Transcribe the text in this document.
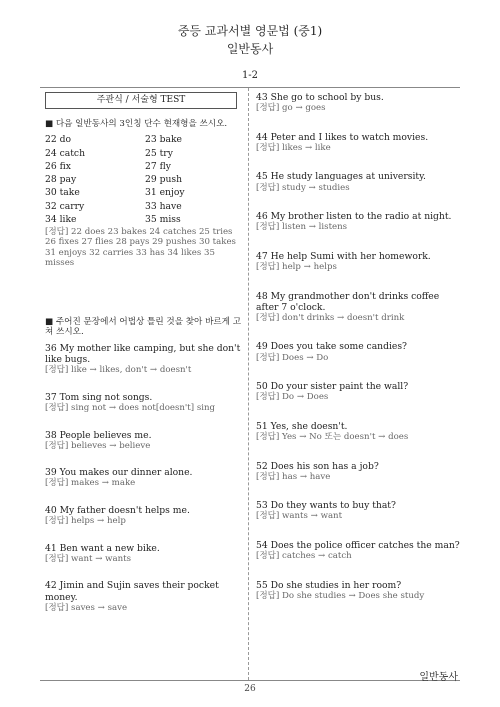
중등 교과서별 영문법 (중1)
일반동사
1-2
주관식 / 서술형 TEST
■ 다음 일반동사의 3인칭 단수 현재형을 쓰시오.
22 do	23 bake
24 catch	25 try
26 fix	27 fly
28 pay	29 push
30 take	31 enjoy
32 carry	33 have
34 like	35 miss
[정답] 22 does 23 bakes 24 catches 25 tries 26 fixes 27 flies 28 pays 29 pushes 30 takes 31 enjoys 32 carries 33 has 34 likes 35 misses
■ 주어진 문장에서 어법상 틀린 것을 찾아 바르게 고쳐 쓰시오.
36 My mother like camping, but she don't like bugs.
[정답] like → likes, don't → doesn't
37 Tom sing not songs.
[정답] sing not → does not[doesn't] sing
38 People believes me.
[정답] believes → believe
39 You makes our dinner alone.
[정답] makes → make
40 My father doesn't helps me.
[정답] helps → help
41 Ben want a new bike.
[정답] want → wants
42 Jimin and Sujin saves their pocket money.
[정답] saves → save
43 She go to school by bus.
[정답] go → goes
44 Peter and I likes to watch movies.
[정답] likes → like
45 He study languages at university.
[정답] study → studies
46 My brother listen to the radio at night.
[정답] listen → listens
47 He help Sumi with her homework.
[정답] help → helps
48 My grandmother don't drinks coffee after 7 o'clock.
[정답] don't drinks → doesn't drink
49 Does you take some candies?
[정답] Does → Do
50 Do your sister paint the wall?
[정답] Do → Does
51 Yes, she doesn't.
[정답] Yes → No 또는 doesn't → does
52 Does his son has a job?
[정답] has → have
53 Do they wants to buy that?
[정답] wants → want
54 Does the police officer catches the man?
[정답] catches → catch
55 Do she studies in her room?
[정답] Do she studies → Does she study
일반동사
26
